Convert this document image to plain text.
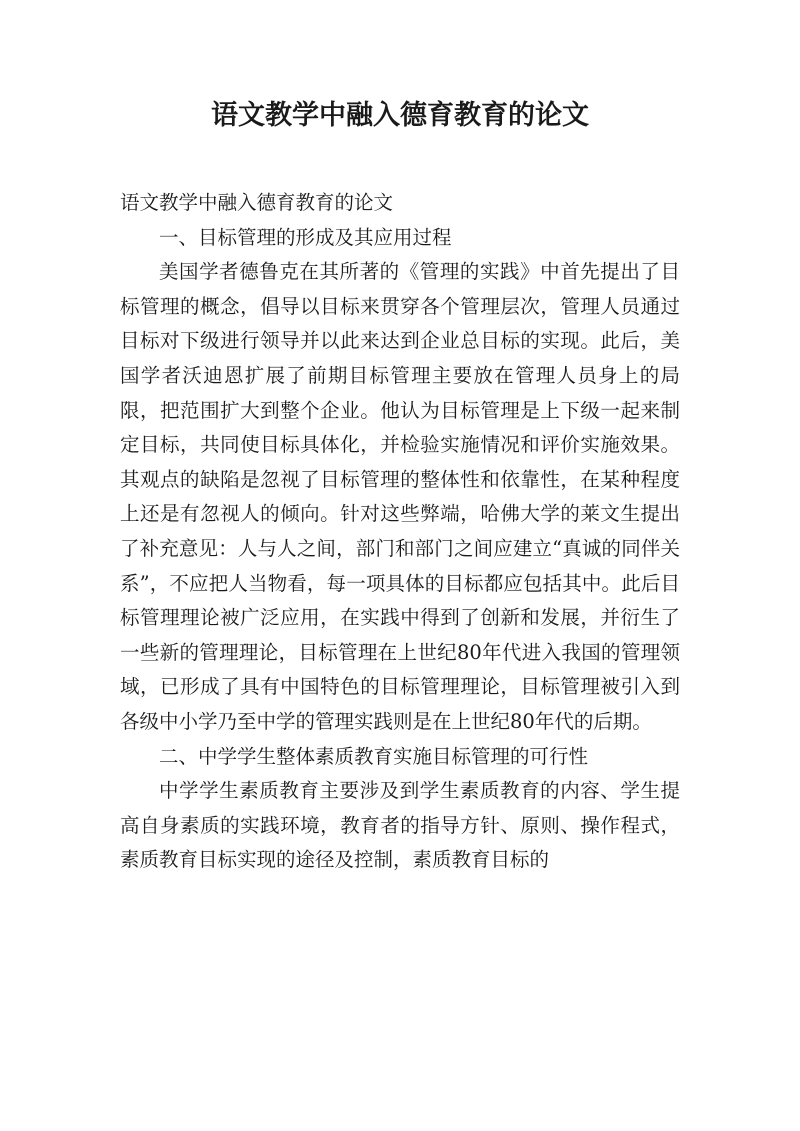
语文教学中融入德育教育的论文

语文教学中融入德育教育的论文

一、目标管理的形成及其应用过程

美国学者德鲁克在其所著的《管理的实践》中首先提出了目标管理的概念，倡导以目标来贯穿各个管理层次，管理人员通过目标对下级进行领导并以此来达到企业总目标的实现。此后，美国学者沃迪恩扩展了前期目标管理主要放在管理人员身上的局限，把范围扩大到整个企业。他认为目标管理是上下级一起来制定目标，共同使目标具体化，并检验实施情况和评价实施效果。其观点的缺陷是忽视了目标管理的整体性和依靠性，在某种程度上还是有忽视人的倾向。针对这些弊端，哈佛大学的莱文生提出了补充意见：人与人之间，部门和部门之间应建立“真诚的同伴关系”，不应把人当物看，每一项具体的目标都应包括其中。此后目标管理理论被广泛应用，在实践中得到了创新和发展，并衍生了一些新的管理理论，目标管理在上世纪80年代进入我国的管理领域，已形成了具有中国特色的目标管理理论，目标管理被引入到各级中小学乃至中学的管理实践则是在上世纪80年代的后期。

二、中学学生整体素质教育实施目标管理的可行性

中学学生素质教育主要涉及到学生素质教育的内容、学生提高自身素质的实践环境，教育者的指导方针、原则、操作程式，素质教育目标实现的途径及控制，素质教育目标的
